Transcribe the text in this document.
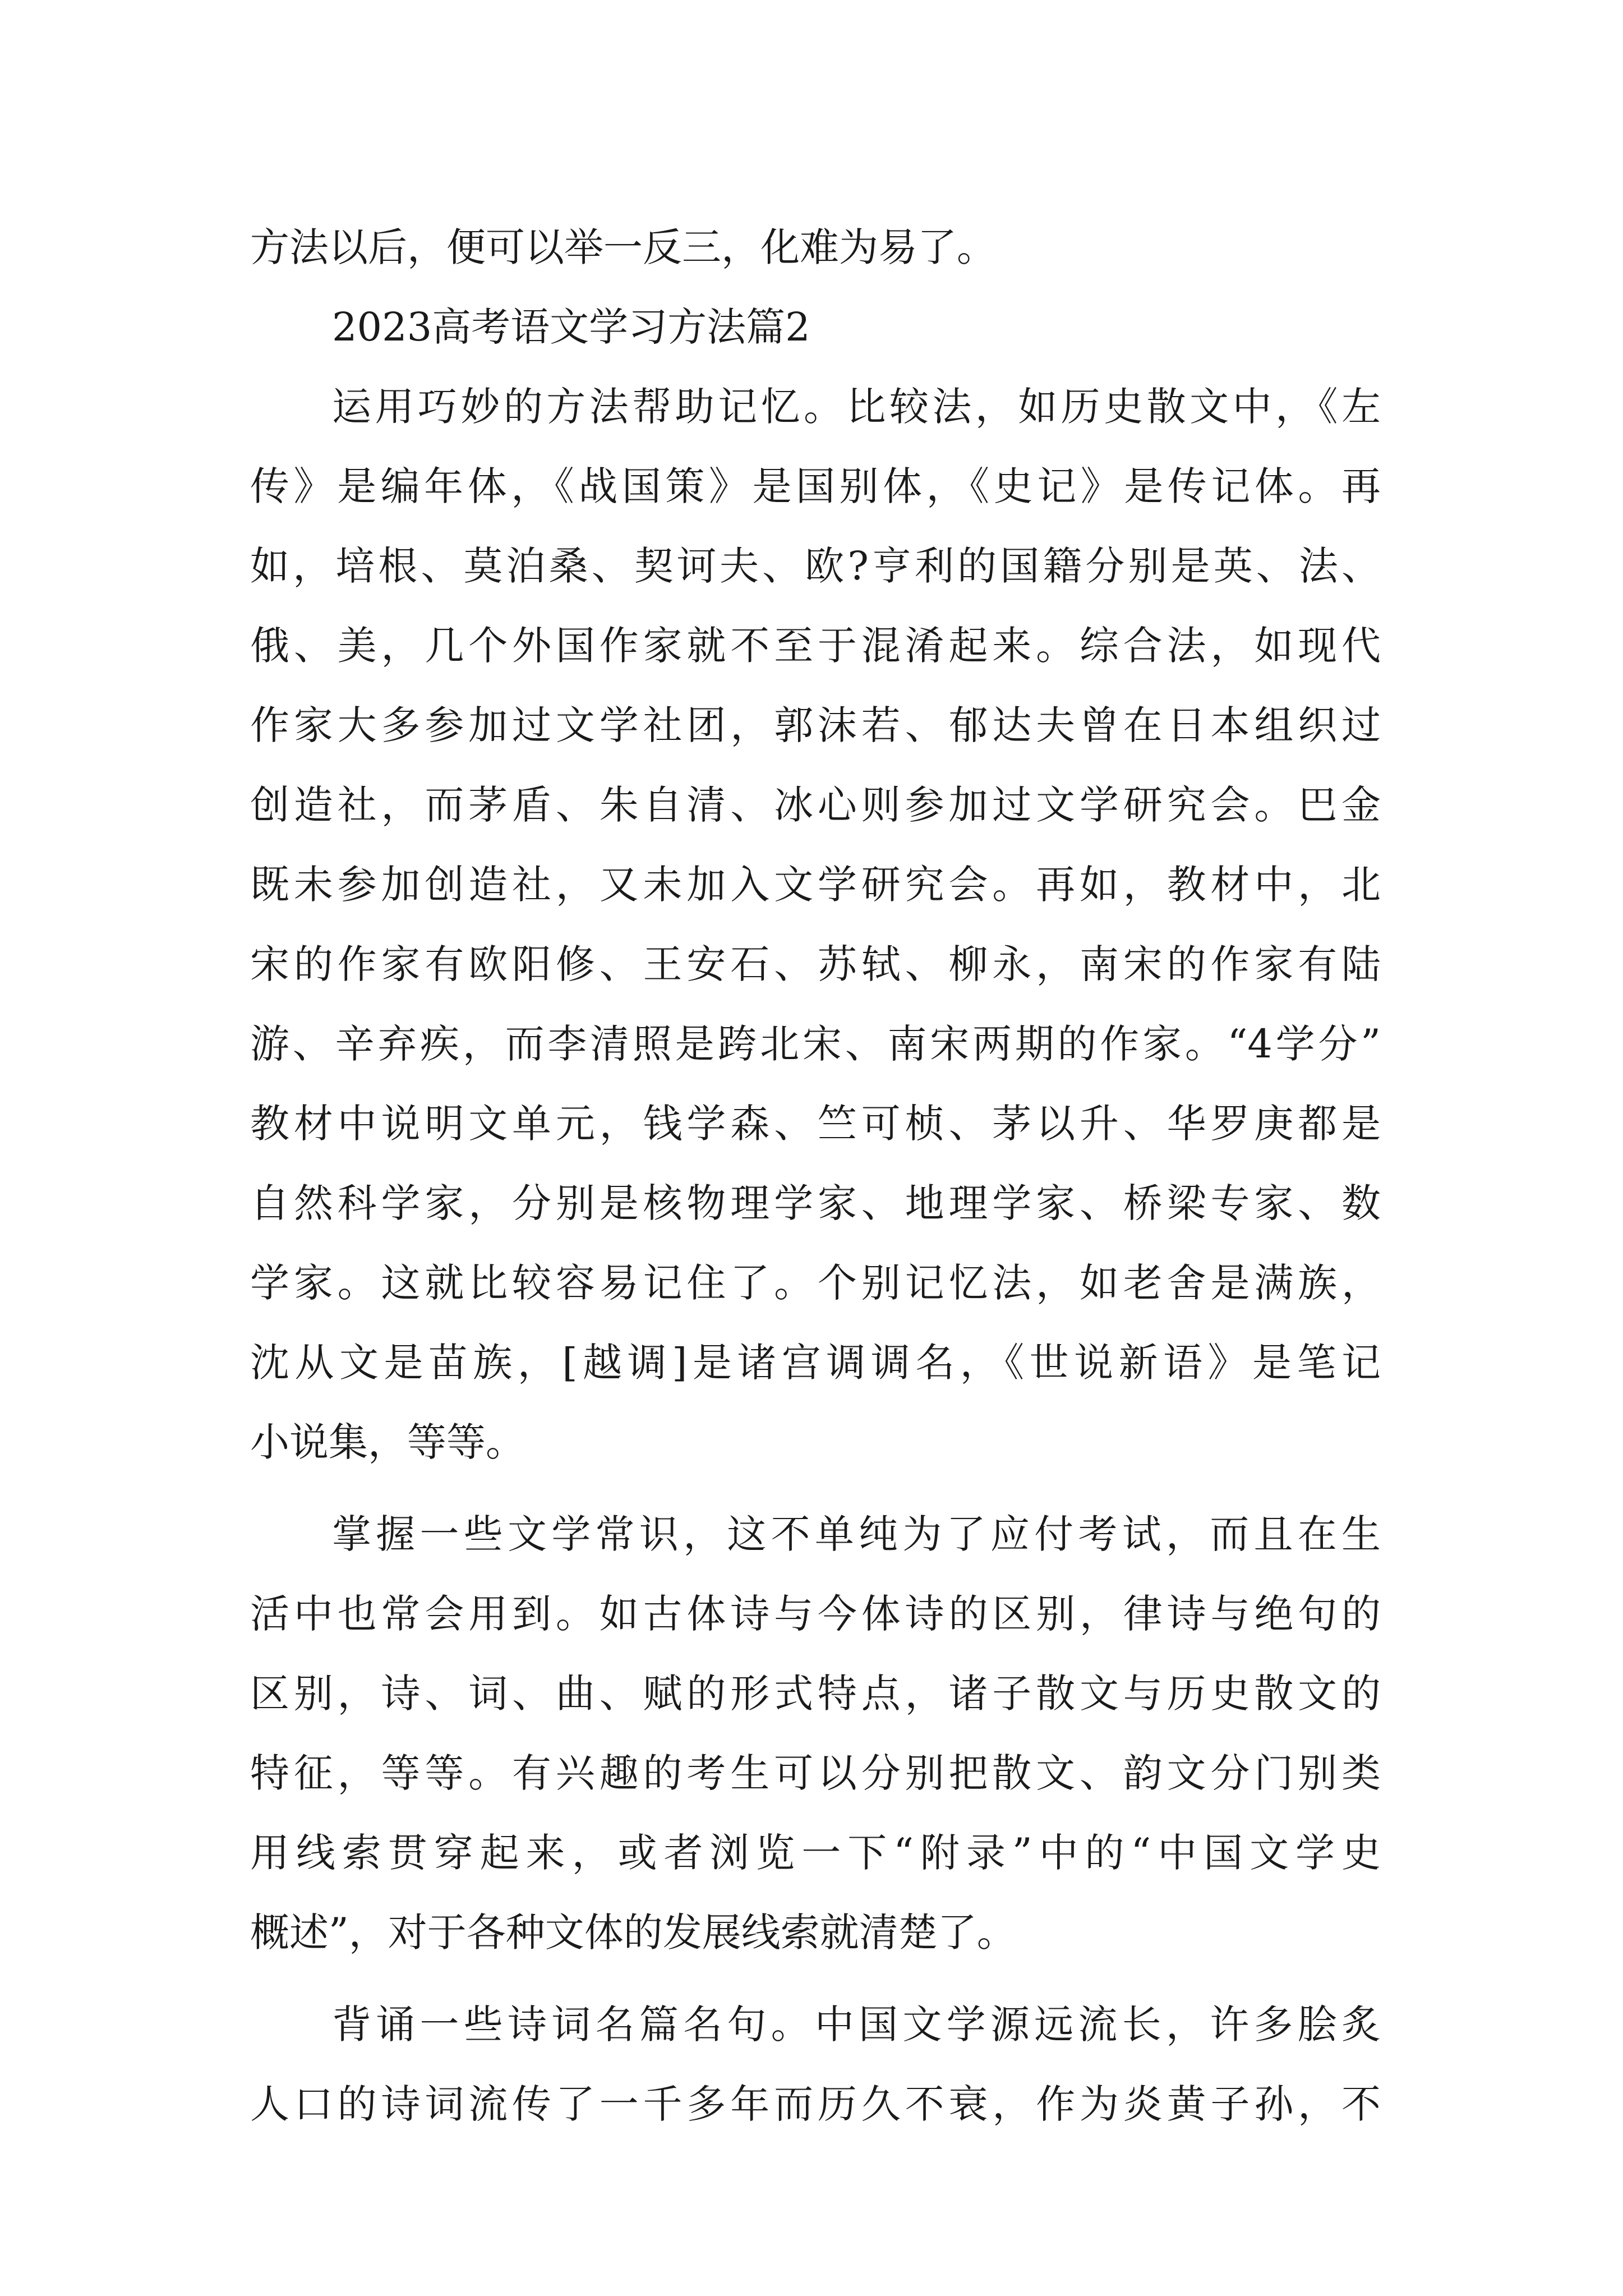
方法以后，便可以举一反三，化难为易了。
2023高考语文学习方法篇2
运用巧妙的方法帮助记忆。比较法，如历史散文中，《左
传》是编年体，《战国策》是国别体，《史记》是传记体。再
如，培根、莫泊桑、契诃夫、欧?亨利的国籍分别是英、法、
俄、美，几个外国作家就不至于混淆起来。综合法，如现代
作家大多参加过文学社团，郭沫若、郁达夫曾在日本组织过
创造社，而茅盾、朱自清、冰心则参加过文学研究会。巴金
既未参加创造社，又未加入文学研究会。再如，教材中，北
宋的作家有欧阳修、王安石、苏轼、柳永，南宋的作家有陆
游、辛弃疾，而李清照是跨北宋、南宋两期的作家。“4学分”
教材中说明文单元，钱学森、竺可桢、茅以升、华罗庚都是
自然科学家，分别是核物理学家、地理学家、桥梁专家、数
学家。这就比较容易记住了。个别记忆法，如老舍是满族，
沈从文是苗族，[越调]是诸宫调调名，《世说新语》是笔记
小说集，等等。
掌握一些文学常识，这不单纯为了应付考试，而且在生
活中也常会用到。如古体诗与今体诗的区别，律诗与绝句的
区别，诗、词、曲、赋的形式特点，诸子散文与历史散文的
特征，等等。有兴趣的考生可以分别把散文、韵文分门别类
用线索贯穿起来，或者浏览一下“附录”中的“中国文学史
概述”，对于各种文体的发展线索就清楚了。
背诵一些诗词名篇名句。中国文学源远流长，许多脍炙
人口的诗词流传了一千多年而历久不衰，作为炎黄子孙，不
